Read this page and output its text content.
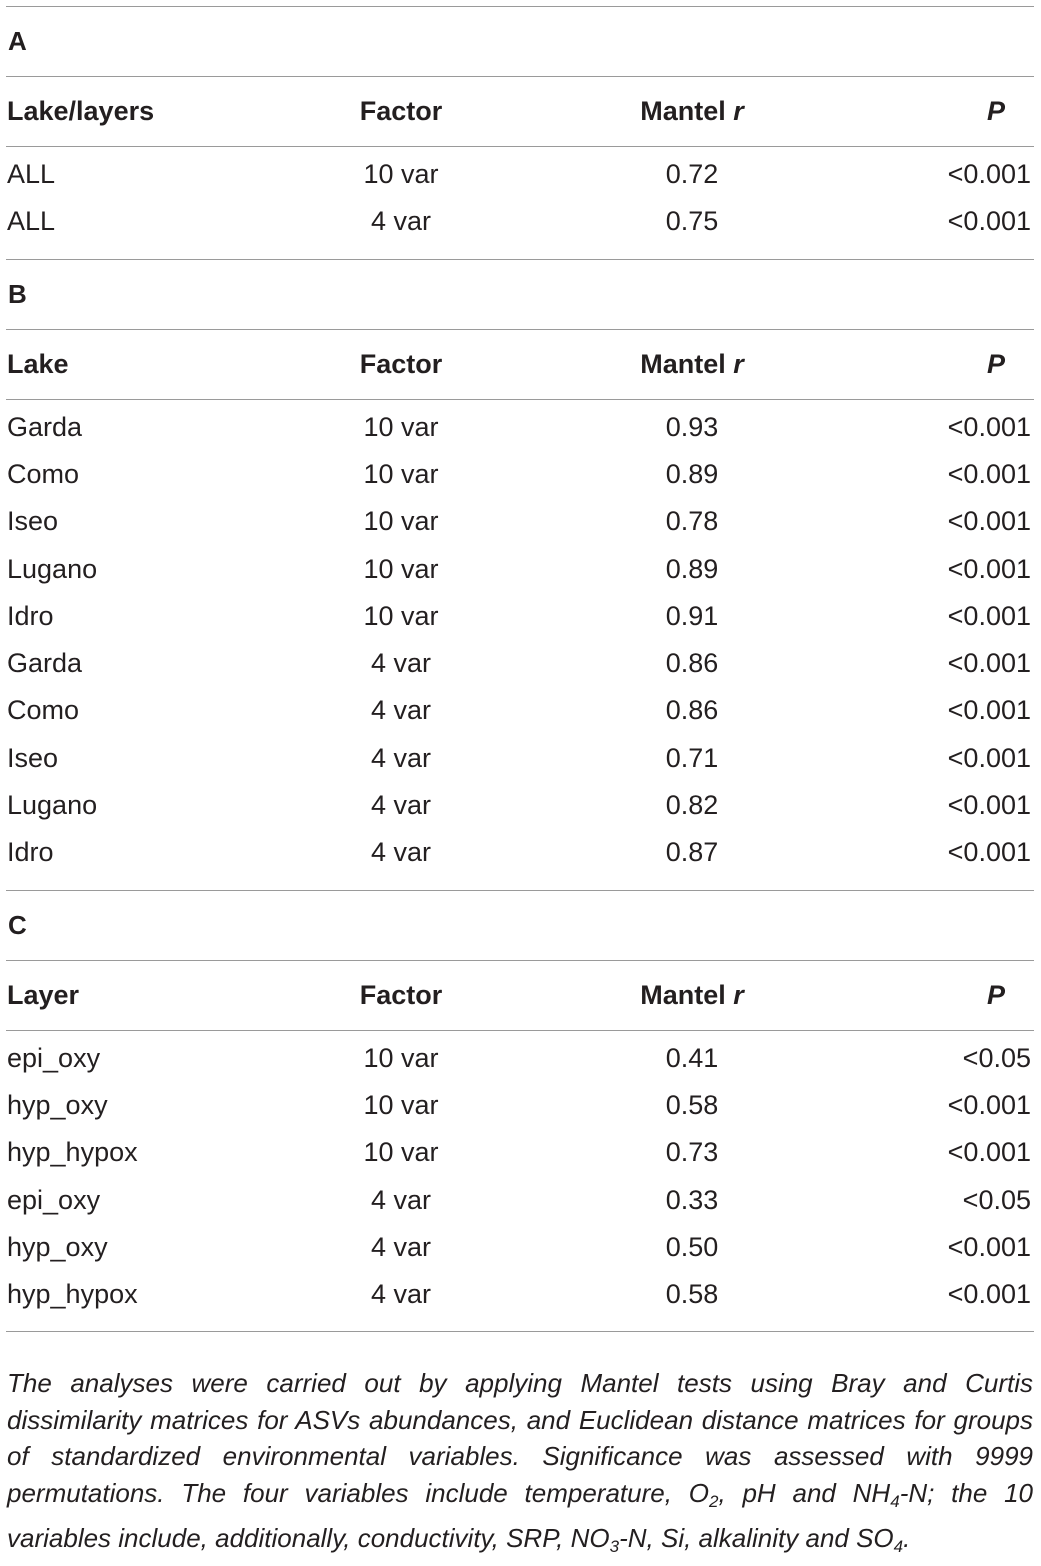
A
Lake/layers	Factor	Mantel r	P
ALL	10 var	0.72	<0.001
ALL	4 var	0.75	<0.001
B
Lake	Factor	Mantel r	P
Garda	10 var	0.93	<0.001
Como	10 var	0.89	<0.001
Iseo	10 var	0.78	<0.001
Lugano	10 var	0.89	<0.001
Idro	10 var	0.91	<0.001
Garda	4 var	0.86	<0.001
Como	4 var	0.86	<0.001
Iseo	4 var	0.71	<0.001
Lugano	4 var	0.82	<0.001
Idro	4 var	0.87	<0.001
C
Layer	Factor	Mantel r	P
epi_oxy	10 var	0.41	<0.05
hyp_oxy	10 var	0.58	<0.001
hyp_hypox	10 var	0.73	<0.001
epi_oxy	4 var	0.33	<0.05
hyp_oxy	4 var	0.50	<0.001
hyp_hypox	4 var	0.58	<0.001
The analyses were carried out by applying Mantel tests using Bray and Curtis dissimilarity matrices for ASVs abundances, and Euclidean distance matrices for groups of standardized environmental variables. Significance was assessed with 9999 permutations. The four variables include temperature, $O_2$, pH and $NH_4-N$; the 10 variables include, additionally, conductivity, SRP, $NO_3-N$, Si, alkalinity and $SO_4$.
